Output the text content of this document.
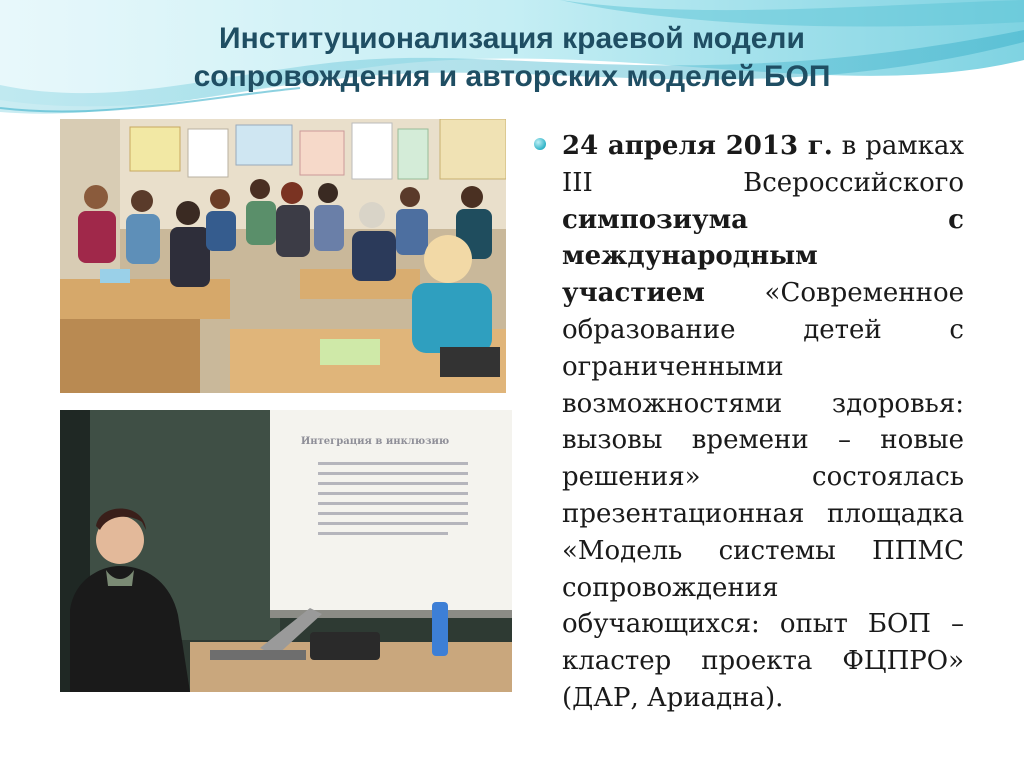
Институционализация краевой модели
сопровождения и авторских моделей БОП
Интеграция в инклюзию

24 апреля 2013 г. в рамках III Всероссийского симпозиума с международным участием «Современное образование детей с ограниченными возможностями здоровья: вызовы времени – новые решения» состоялась презентационная площадка «Модель системы ППМС сопровождения обучающихся: опыт БОП – кластер проекта ФЦПРО» (ДАР, Ариадна).
